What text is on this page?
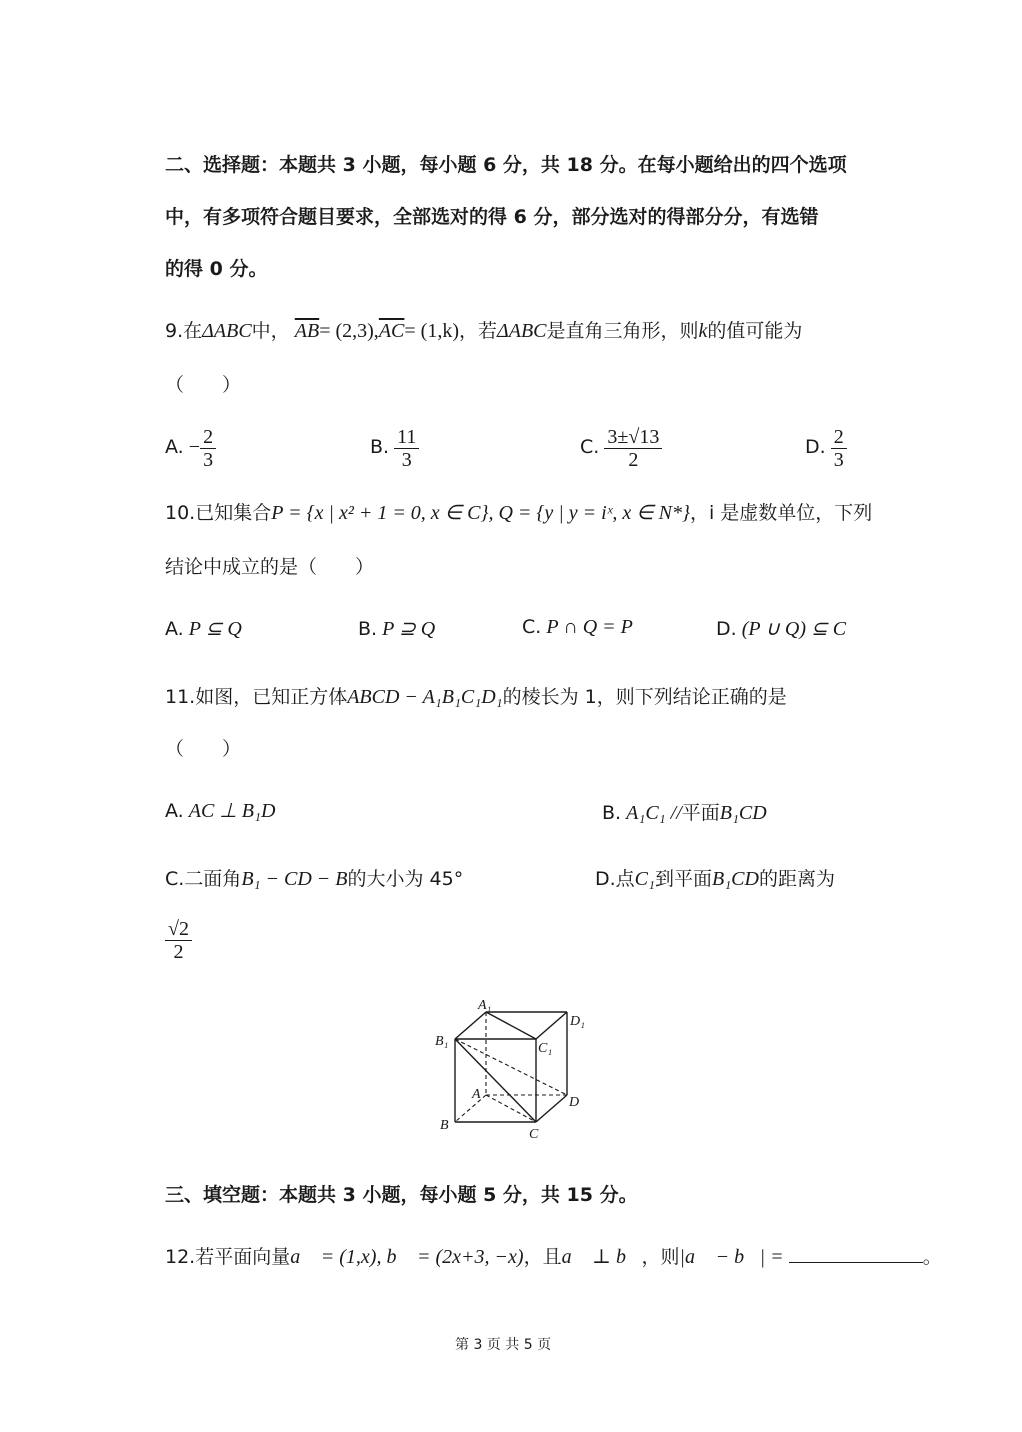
二、选择题：本题共 3 小题，每小题 6 分，共 18 分。在每小题给出的四个选项
中，有多项符合题目要求，全部选对的得 6 分，部分选对的得部分分，有选错
的得 0 分。
9.在ΔABC中， $\overline{AB}= (2,3),\overline{AC}= (1,k)$，若ΔABC是直角三角形，则k的值可能为
（　　）
A. − $\frac{2}{3}$	B. $\frac{11}{3}$	C. $\frac{3\pm√13}{2}$	D. $\frac{2}{3}$
10.已知集合P = {x | x² + 1 = 0, x ∈ C}, Q = {y | y = iˣ, x ∈ N*}，i 是虚数单位，下列
结论中成立的是（　　）
A. P ⊆ Q	B. P ⊇ Q	C. P ∩ Q = P	D. (P ∪ Q) ⊆ C
11.如图，已知正方体ABCD − A₁B₁C₁D₁的棱长为 1，则下列结论正确的是
（　　）
A. AC ⊥ B₁D	B. A₁C₁ //平面B₁CD
C.二面角B₁ − CD − B的大小为 45°	D.点C₁到平面B₁CD的距离为
$\frac{√2}{2}$
A₁
D₁
B₁	C₁
A
D
B
C
三、填空题：本题共 3 小题，每小题 5 分，共 15 分。
12.若平面向量a⃗ = (1,x), b⃗ = (2x+3, −x)，且a⃗ ⊥ b⃗，则|a⃗ − b⃗| =	。
第 3 页 共 5 页
